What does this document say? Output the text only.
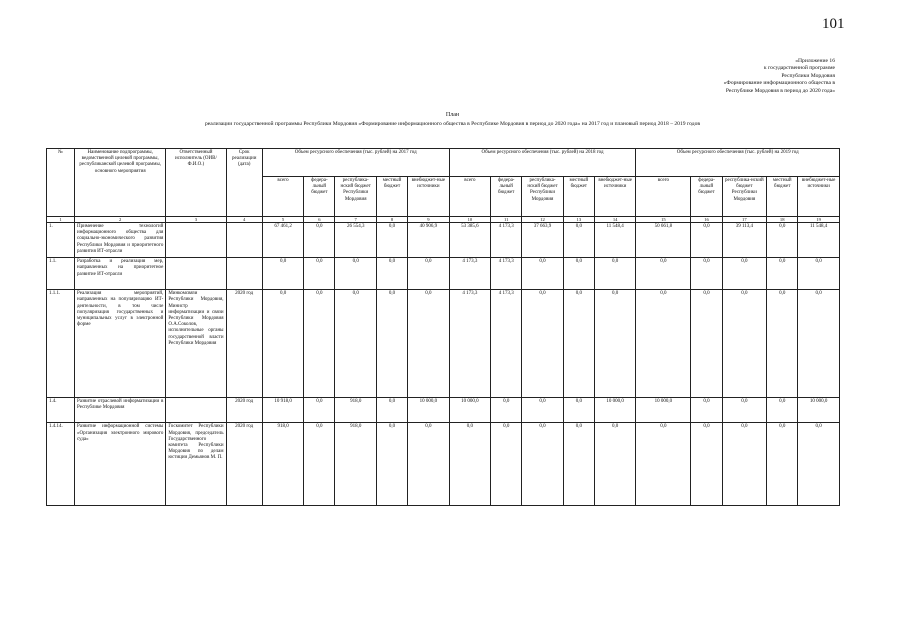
101
«Приложение 16
к государственной программе
Республики Мордовия
«Формирование информационного общества в
Республике Мордовия в период до 2020 года»
План
реализации государственной программы Республики Мордовия «Формирование информационного общества в Республике Мордовия в период до 2020 года» на 2017 год и плановый период 2018 – 2019 годов
№	Наименование подпрограммы, ведомственной целевой программы, республиканской целевой программы, основного мероприятия	Ответственный исполнитель (ОИВ/Ф.И.О.)	Срок реализации (дата)	Объем ресурсного обеспечения (тыс. рублей) на 2017 год					Объем ресурсного обеспечения (тыс. рублей) на 2018 год					Объем ресурсного обеспечения (тыс. рублей) на 2019 год				
				всего	федера-льный бюджет	республика-нский бюджет Республики Мордовия	местный бюджет	внебюджет-ные источники	всего	федера-льный бюджет	республика-нский бюджет Республики Мордовия	местный бюджет	внебюджет-ные источники	всего	федера-льный бюджет	республика-нский бюджет Республики Мордовия	местный бюджет	внебюджет-ные источники
1	2	3	4	5	6	7	8	9	10	11	12	13	14	15	16	17	18	19
1.	Применение технологий информационного общества для социально-экономического развития Республики Мордовия и приоритетного развития ИТ-отрасли			67 461,2	0,0	26 554,3	0,0	40 906,9	53 385,6	4 173,3	37 663,9	0,0	11 548,4	50 661,8	0,0	39 113,4	0,0	11 548,4
1.1.	Разработка и реализация мер, направленных на приоритетное развитие ИТ-отрасли			0,0	0,0	0,0	0,0	0,0	4 173,3	4 173,3	0,0	0,0	0,0	0,0	0,0	0,0	0,0	0,0
1.1.1.	Реализация мероприятий, направленных на популяризацию ИТ-деятельности, в том числе популяризация государственных и муниципальных услуг в электронной форме	Минкомсвязи Республики Мордовия, Министр информатизации и связи Республики Мордовия О.А.Соколов, исполнительные органы государственной власти Республики Мордовия	2020 год	0,0	0,0	0,0	0,0	0,0	4 173,3	4 173,3	0,0	0,0	0,0	0,0	0,0	0,0	0,0	0,0
1.4.	Развитие отраслевой информатизации в Республике Мордовия		2020 год	10 918,0	0,0	918,0	0,0	10 000,0	10 000,0	0,0	0,0	0,0	10 000,0	10 000,0	0,0	0,0	0,0	10 000,0
1.4.14.	Развитие информационной системы «Организация электронного мирового суда»	Госкомитет Республики Мордовия, председатель Государственного комитета Республики Мордовия по делам юстиции Демьянов М. П.	2020 год	918,0	0,0	918,0	0,0	0,0	0,0	0,0	0,0	0,0	0,0	0,0	0,0	0,0	0,0	0,0
